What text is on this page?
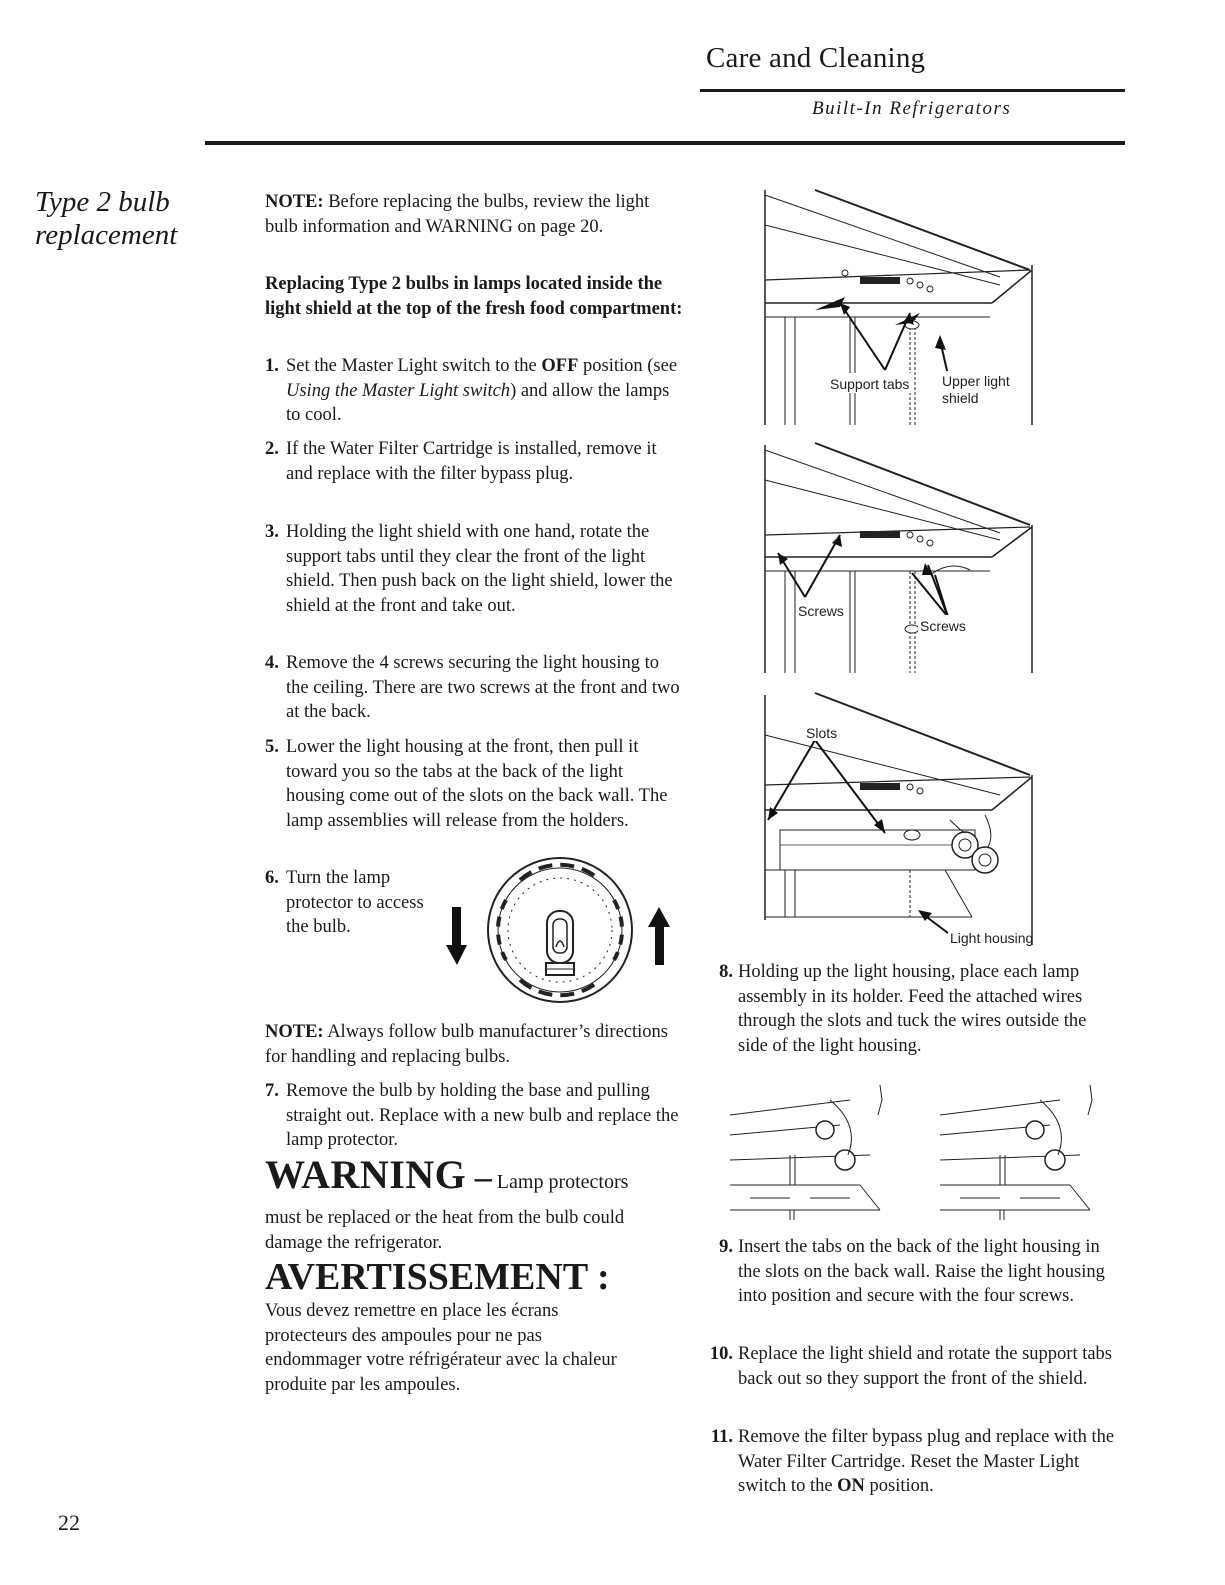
Care and Cleaning
Built-In Refrigerators
Type 2 bulb
replacement
NOTE: Before replacing the bulbs, review the light bulb information and WARNING on page 20.
Replacing Type 2 bulbs in lamps located inside the light shield at the top of the fresh food compartment:
1. Set the Master Light switch to the OFF position (see Using the Master Light switch) and allow the lamps to cool.
2. If the Water Filter Cartridge is installed, remove it and replace with the filter bypass plug.
3. Holding the light shield with one hand, rotate the support tabs until they clear the front of the light shield. Then push back on the light shield, lower the shield at the front and take out.
4. Remove the 4 screws securing the light housing to the ceiling. There are two screws at the front and two at the back.
5. Lower the light housing at the front, then pull it toward you so the tabs at the back of the light housing come out of the slots on the back wall. The lamp assemblies will release from the holders.
6. Turn the lamp protector to access the bulb.
NOTE: Always follow bulb manufacturer’s directions for handling and replacing bulbs.
7. Remove the bulb by holding the base and pulling straight out. Replace with a new bulb and replace the lamp protector.
WARNING – Lamp protectors
must be replaced or the heat from the bulb could damage the refrigerator.
AVERTISSEMENT :
Vous devez remettre en place les écrans protecteurs des ampoules pour ne pas endommager votre réfrigérateur avec la chaleur produite par les ampoules.
Support tabs Upper light
shield
Screws
Screws
Slots
Light housing
8. Holding up the light housing, place each lamp assembly in its holder. Feed the attached wires through the slots and tuck the wires outside the side of the light housing.
9. Insert the tabs on the back of the light housing in the slots on the back wall. Raise the light housing into position and secure with the four screws.
10. Replace the light shield and rotate the support tabs back out so they support the front of the shield.
11. Remove the filter bypass plug and replace with the Water Filter Cartridge. Reset the Master Light switch to the ON position.
22
